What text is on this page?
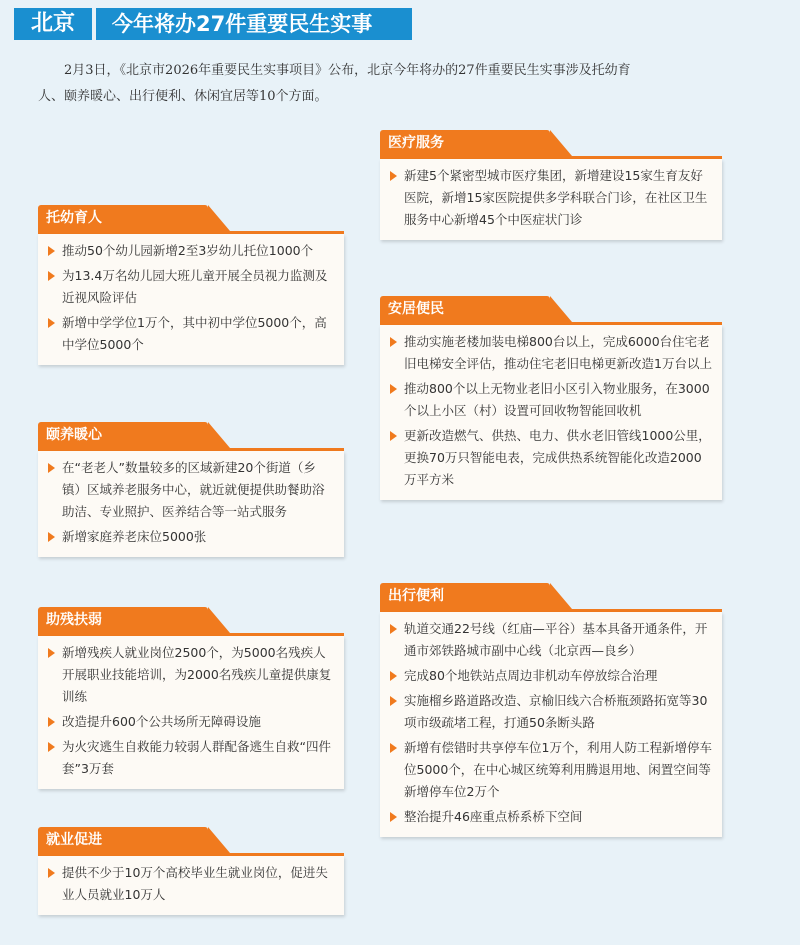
北京	今年将办27件重要民生实事
2月3日，《北京市2026年重要民生实事项目》公布，北京今年将办的27件重要民生实事涉及托幼育人、颐养暖心、出行便利、休闲宜居等10个方面。
托幼育人
推动50个幼儿园新增2至3岁幼儿托位1000个
为13.4万名幼儿园大班儿童开展全员视力监测及近视风险评估
新增中学学位1万个，其中初中学位5000个，高中学位5000个
颐养暖心
在“老老人”数量较多的区域新建20个街道（乡镇）区域养老服务中心，就近就便提供助餐助浴助洁、专业照护、医养结合等一站式服务
新增家庭养老床位5000张
助残扶弱
新增残疾人就业岗位2500个，为5000名残疾人开展职业技能培训，为2000名残疾儿童提供康复训练
改造提升600个公共场所无障碍设施
为火灾逃生自救能力较弱人群配备逃生自救“四件套”3万套
就业促进
提供不少于10万个高校毕业生就业岗位，促进失业人员就业10万人
医疗服务
新建5个紧密型城市医疗集团，新增建设15家生育友好医院，新增15家医院提供多学科联合门诊，在社区卫生服务中心新增45个中医症状门诊
安居便民
推动实施老楼加装电梯800台以上，完成6000台住宅老旧电梯安全评估，推动住宅老旧电梯更新改造1万台以上
推动800个以上无物业老旧小区引入物业服务，在3000个以上小区（村）设置可回收物智能回收机
更新改造燃气、供热、电力、供水老旧管线1000公里，更换70万只智能电表，完成供热系统智能化改造2000万平方米
出行便利
轨道交通22号线（红庙—平谷）基本具备开通条件，开通市郊铁路城市副中心线（北京西—良乡）
完成80个地铁站点周边非机动车停放综合治理
实施榴乡路道路改造、京榆旧线六合桥瓶颈路拓宽等30项市级疏堵工程，打通50条断头路
新增有偿错时共享停车位1万个，利用人防工程新增停车位5000个，在中心城区统筹利用腾退用地、闲置空间等新增停车位2万个
整治提升46座重点桥系桥下空间
